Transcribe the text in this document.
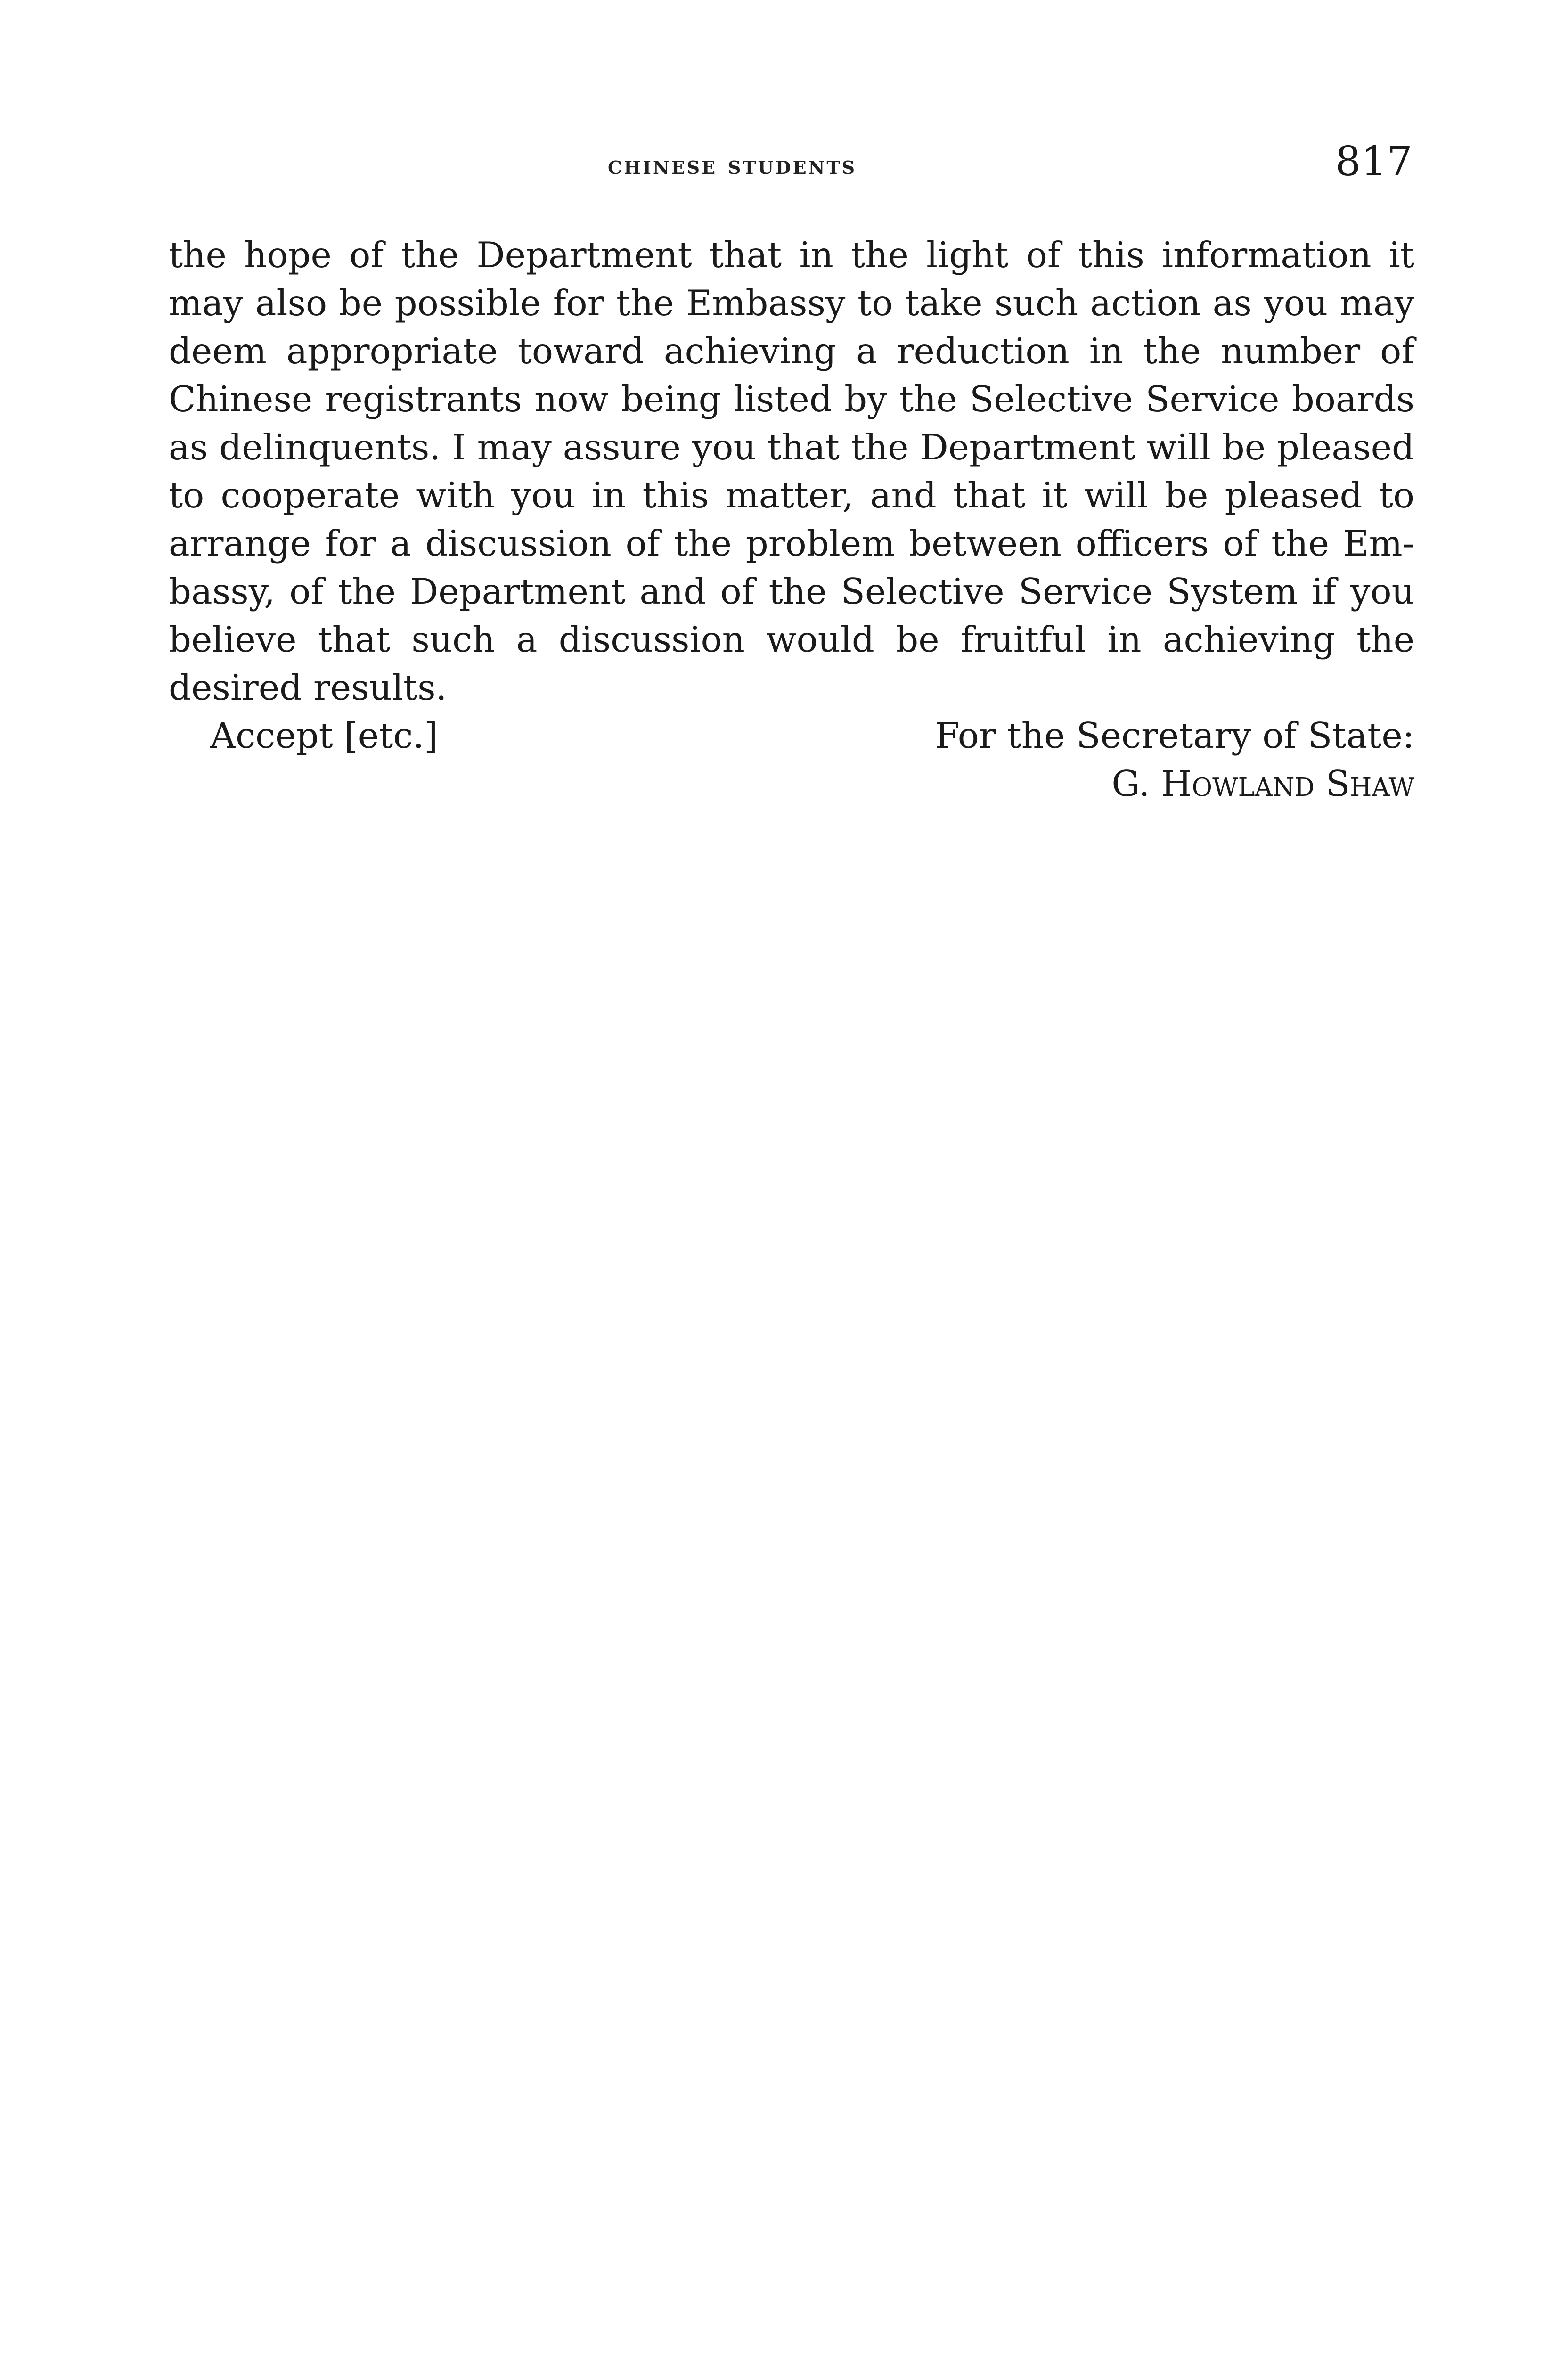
chinese students	817
the hope of the Department that in the light of this information it
may also be possible for the Embassy to take such action as you may
deem appropriate toward achieving a reduction in the number of
Chinese registrants now being listed by the Selective Service boards
as delinquents. I may assure you that the Department will be pleased
to cooperate with you in this matter, and that it will be pleased to
arrange for a discussion of the problem between officers of the Em-
bassy, of the Department and of the Selective Service System if you
believe that such a discussion would be fruitful in achieving the
desired results.
Accept [etc.]	For the Secretary of State:
G. Howland Shaw
